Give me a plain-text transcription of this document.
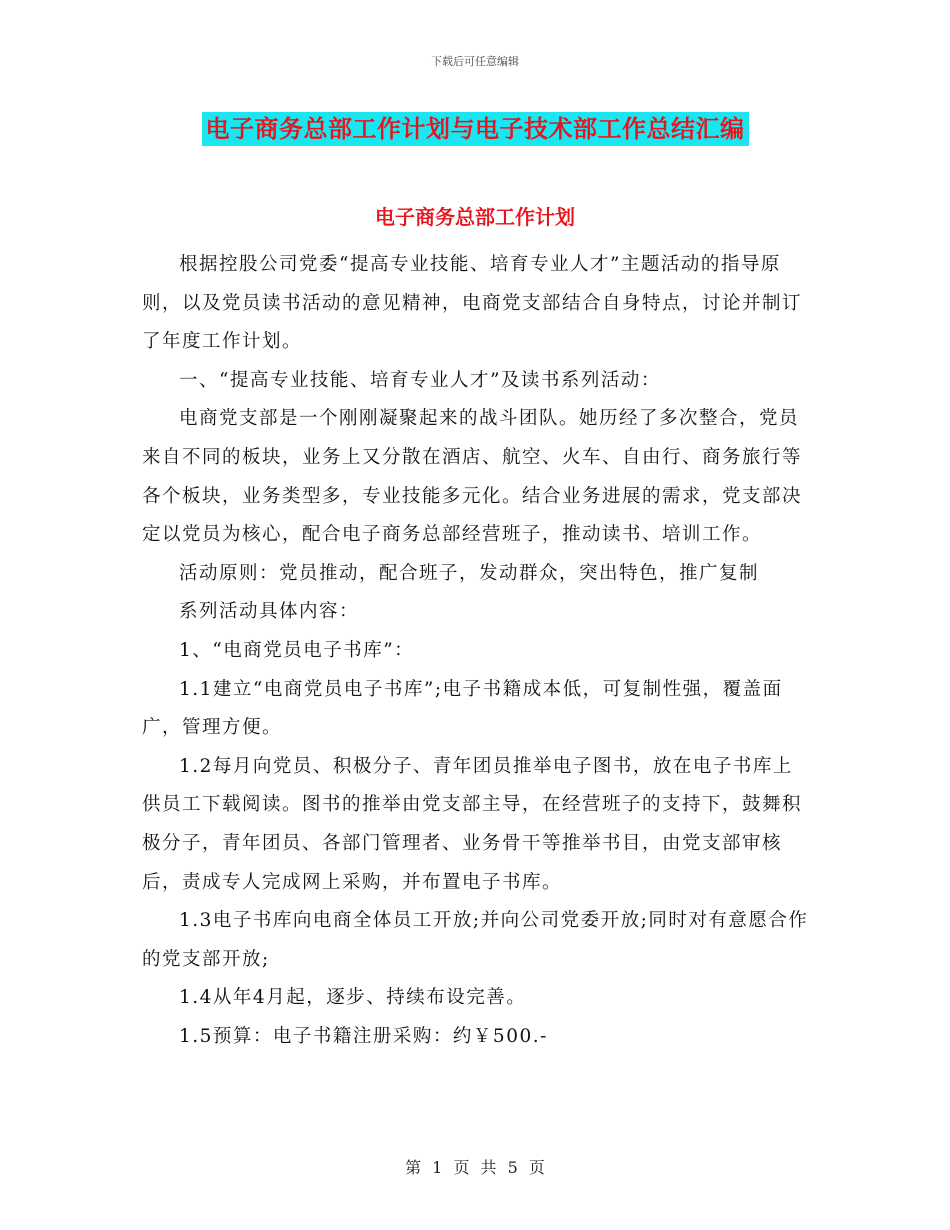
下载后可任意编辑
电子商务总部工作计划与电子技术部工作总结汇编
电子商务总部工作计划

根据控股公司党委“提高专业技能、培育专业人才”主题活动的指导原则，以及党员读书活动的意见精神，电商党支部结合自身特点，讨论并制订了年度工作计划。

一、“提高专业技能、培育专业人才”及读书系列活动：

电商党支部是一个刚刚凝聚起来的战斗团队。她历经了多次整合，党员来自不同的板块，业务上又分散在酒店、航空、火车、自由行、商务旅行等各个板块，业务类型多，专业技能多元化。结合业务进展的需求，党支部决定以党员为核心，配合电子商务总部经营班子，推动读书、培训工作。

活动原则：党员推动，配合班子，发动群众，突出特色，推广复制

系列活动具体内容：

1、“电商党员电子书库”：

1.1建立“电商党员电子书库”;电子书籍成本低，可复制性强，覆盖面广，管理方便。

1.2每月向党员、积极分子、青年团员推举电子图书，放在电子书库上供员工下载阅读。图书的推举由党支部主导，在经营班子的支持下，鼓舞积极分子，青年团员、各部门管理者、业务骨干等推举书目，由党支部审核后，责成专人完成网上采购，并布置电子书库。

1.3电子书库向电商全体员工开放;并向公司党委开放;同时对有意愿合作的党支部开放;

1.4从年4月起，逐步、持续布设完善。

1.5预算：电子书籍注册采购：约￥500.-

第 1 页 共 5 页
